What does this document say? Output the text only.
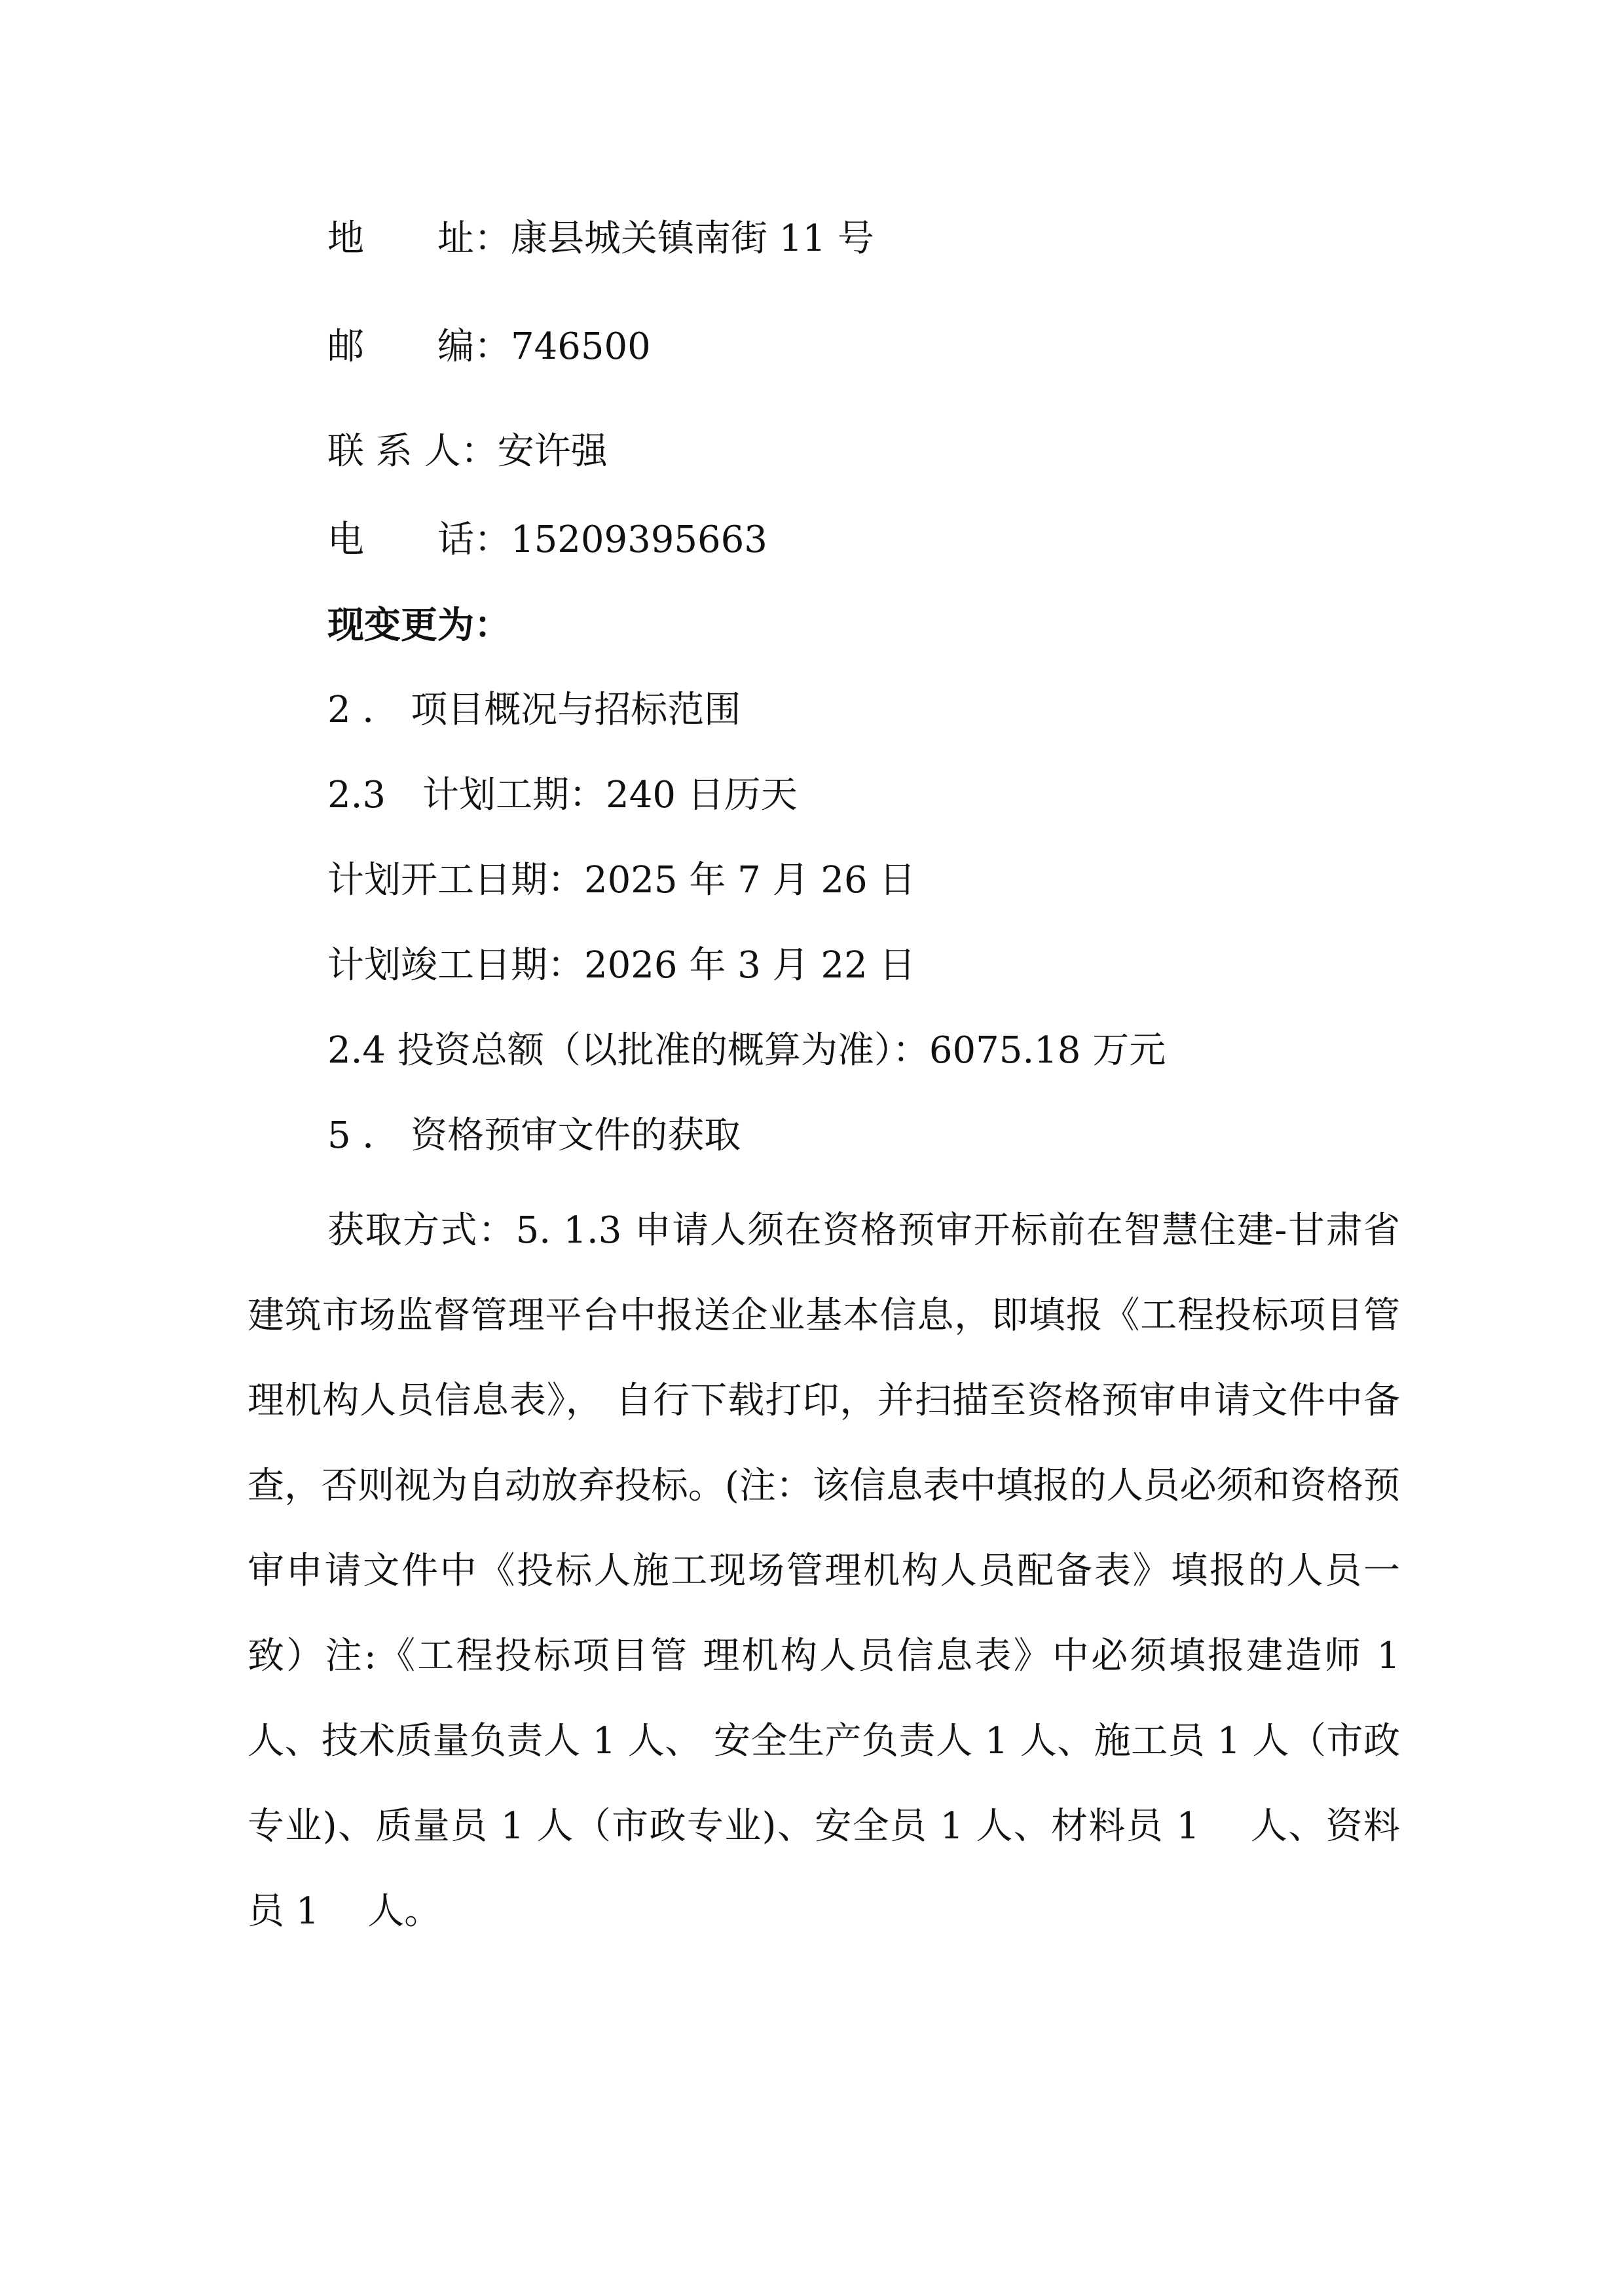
地　　址：康县城关镇南街 11 号
邮　　编：746500
联 系 人：安许强
电　　话：15209395663
现变更为：
2 ． 项目概况与招标范围
2.3　计划工期：240 日历天
计划开工日期：2025 年 7 月 26 日
计划竣工日期：2026 年 3 月 22 日
2.4 投资总额（以批准的概算为准）：6075.18 万元
5 ． 资格预审文件的获取

获取方式：5. 1.3 申请人须在资格预审开标前在智慧住建-甘肃省建筑市场监督管理平台中报送企业基本信息，即填报《工程投标项目管理机构人员信息表》， 自行下载打印，并扫描至资格预审申请文件中备查，否则视为自动放弃投标。(注：该信息表中填报的人员必须和资格预审申请文件中《投标人施工现场管理机构人员配备表》填报的人员一致）注:《工程投标项目管 理机构人员信息表》中必须填报建造师 1 人、技术质量负责人 1 人、 安全生产负责人 1 人、施工员 1 人（市政专业)、质量员 1 人（市政专业)、安全员 1 人、材料员 1　 人、资料员 1　 人。
